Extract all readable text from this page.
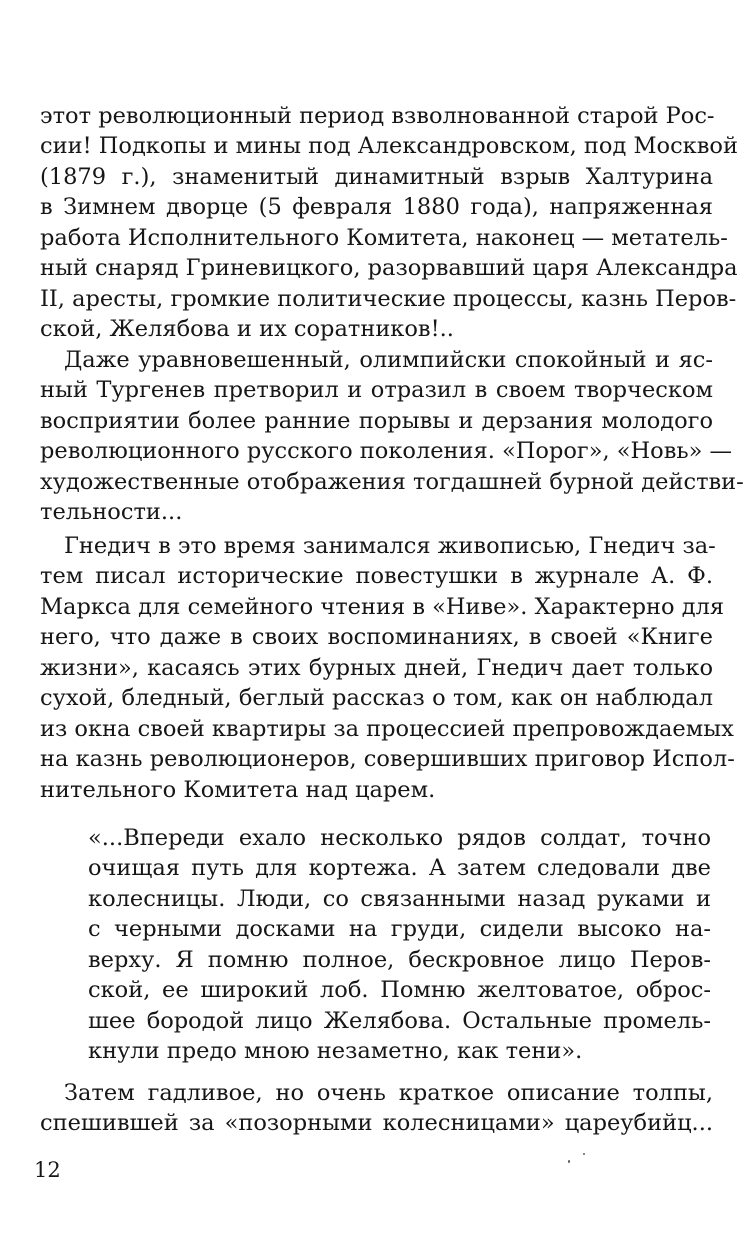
этот революционный период взволнованной старой Рос-

сии! Подкопы и мины под Александровском, под Москвой

(1879 г.), знаменитый динамитный взрыв Халтурина

в Зимнем дворце (5 февраля 1880 года), напряженная

работа Исполнительного Комитета, наконец — метатель-

ный снаряд Гриневицкого, разорвавший царя Александра

II, аресты, громкие политические процессы, казнь Перов-

ской, Желябова и их соратников!..

Даже уравновешенный, олимпийски спокойный и яс-

ный Тургенев претворил и отразил в своем творческом

восприятии более ранние порывы и дерзания молодого

революционного русского поколения. «Порог», «Новь» —

художественные отображения тогдашней бурной действи-

тельности...

Гнедич в это время занимался живописью, Гнедич за-

тем писал исторические повестушки в журнале А. Ф.

Маркса для семейного чтения в «Ниве». Характерно для

него, что даже в своих воспоминаниях, в своей «Книге

жизни», касаясь этих бурных дней, Гнедич дает только

сухой, бледный, беглый рассказ о том, как он наблюдал

из окна своей квартиры за процессией препровождаемых

на казнь революционеров, совершивших приговор Испол-

нительного Комитета над царем.

«...Впереди ехало несколько рядов солдат, точно

очищая путь для кортежа. А затем следовали две

колесницы. Люди, со связанными назад руками и

с черными досками на груди, сидели высоко на-

верху. Я помню полное, бескровное лицо Перов-

ской, ее широкий лоб. Помню желтоватое, оброс-

шее бородой лицо Желябова. Остальные промель-

кнули предо мною незаметно, как тени».

Затем гадливое, но очень краткое описание толпы,

спешившей за «позорными колесницами» цареубийц...

12
